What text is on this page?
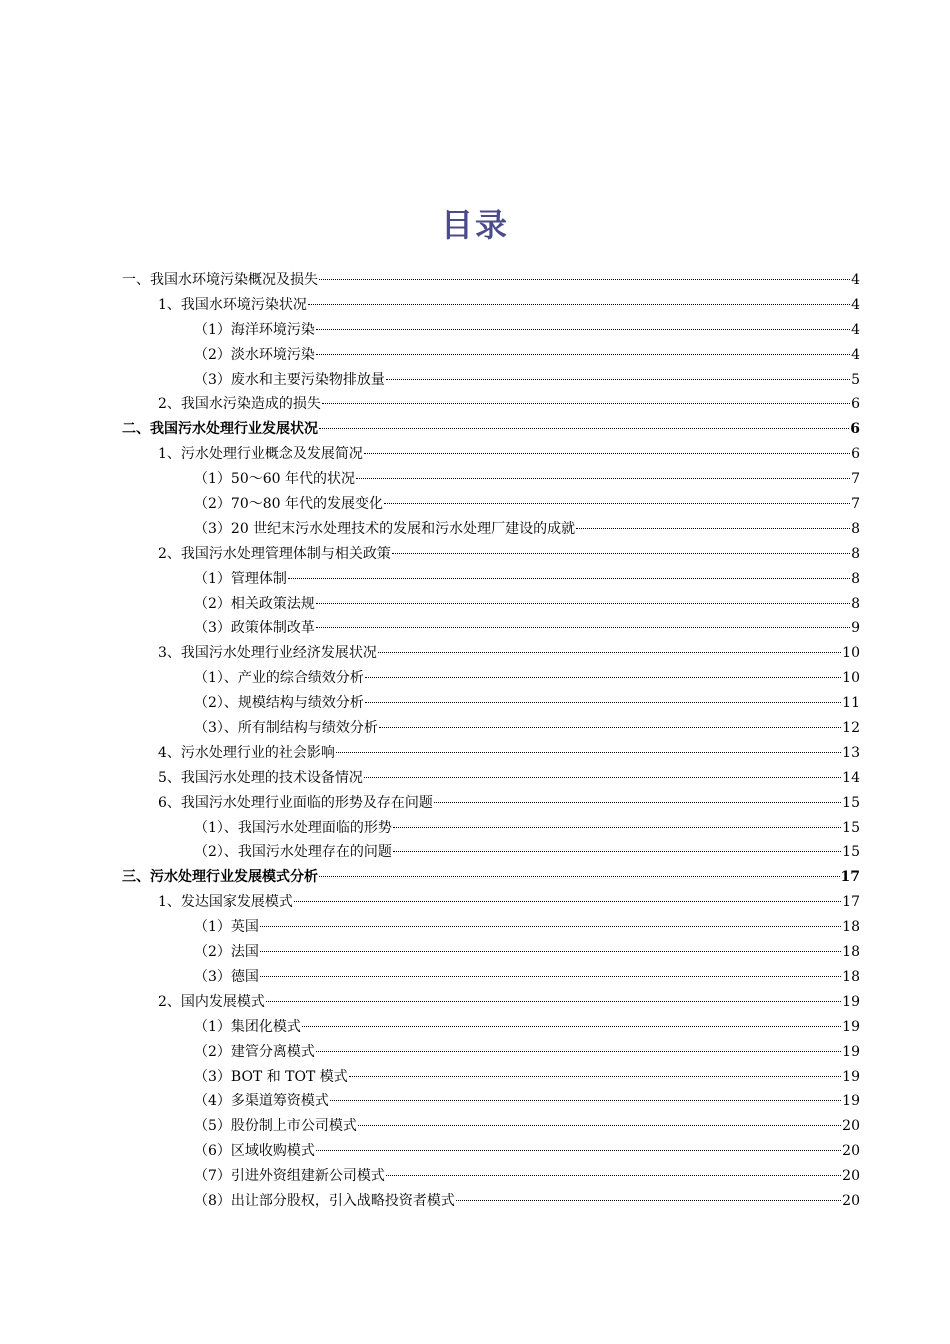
目录
一、我国水环境污染概况及损失	4
1、我国水环境污染状况	4
（1）海洋环境污染	4
（2）淡水环境污染	4
（3）废水和主要污染物排放量	5
2、我国水污染造成的损失	6
二、我国污水处理行业发展状况	6
1、污水处理行业概念及发展简况	6
（1）50～60 年代的状况	7
（2）70～80 年代的发展变化	7
（3）20 世纪末污水处理技术的发展和污水处理厂建设的成就	8
2、我国污水处理管理体制与相关政策	8
（1）管理体制	8
（2）相关政策法规	8
（3）政策体制改革	9
3、我国污水处理行业经济发展状况	10
（1）、产业的综合绩效分析	10
（2）、规模结构与绩效分析	11
（3）、所有制结构与绩效分析	12
4、污水处理行业的社会影响	13
5、我国污水处理的技术设备情况	14
6、我国污水处理行业面临的形势及存在问题	15
（1）、我国污水处理面临的形势	15
（2）、我国污水处理存在的问题	15
三、污水处理行业发展模式分析	17
1、发达国家发展模式	17
（1）英国	18
（2）法国	18
（3）德国	18
2、国内发展模式	19
（1）集团化模式	19
（2）建管分离模式	19
（3）BOT 和 TOT 模式	19
（4）多渠道筹资模式	19
（5）股份制上市公司模式	20
（6）区域收购模式	20
（7）引进外资组建新公司模式	20
（8）出让部分股权，引入战略投资者模式	20
